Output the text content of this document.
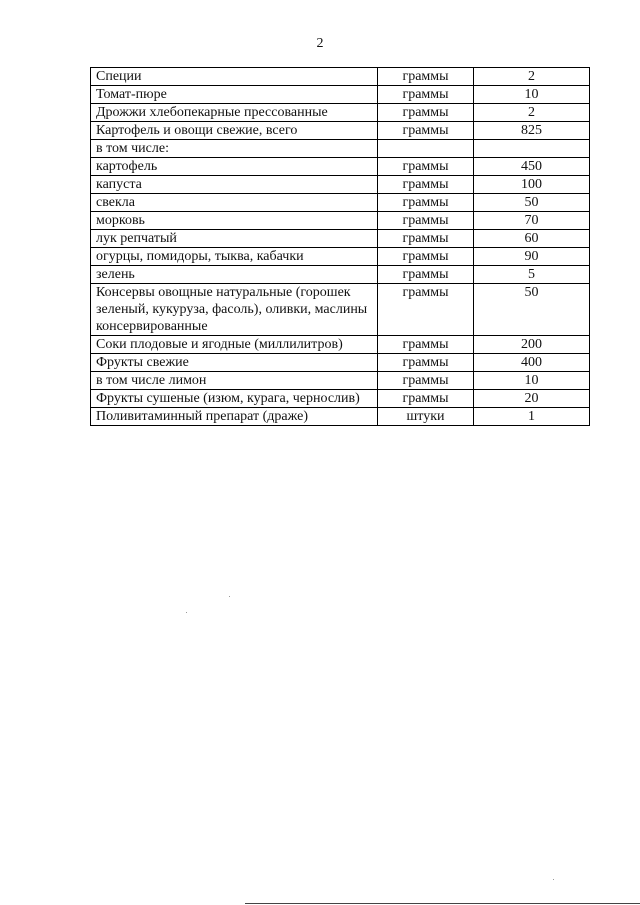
2
Специи	граммы	2
Томат-пюре	граммы	10
Дрожжи хлебопекарные прессованные	граммы	2
Картофель и овощи свежие, всего	граммы	825
в том числе:		
картофель	граммы	450
капуста	граммы	100
свекла	граммы	50
морковь	граммы	70
лук репчатый	граммы	60
огурцы, помидоры, тыква, кабачки	граммы	90
зелень	граммы	5
Консервы овощные натуральные (горошек зеленый, кукуруза, фасоль), оливки, маслины консервированные	граммы	50
Соки плодовые и ягодные (миллилитров)	граммы	200
Фрукты свежие	граммы	400
в том числе лимон	граммы	10
Фрукты сушеные (изюм, курага, чернослив)	граммы	20
Поливитаминный препарат (драже)	штуки	1
